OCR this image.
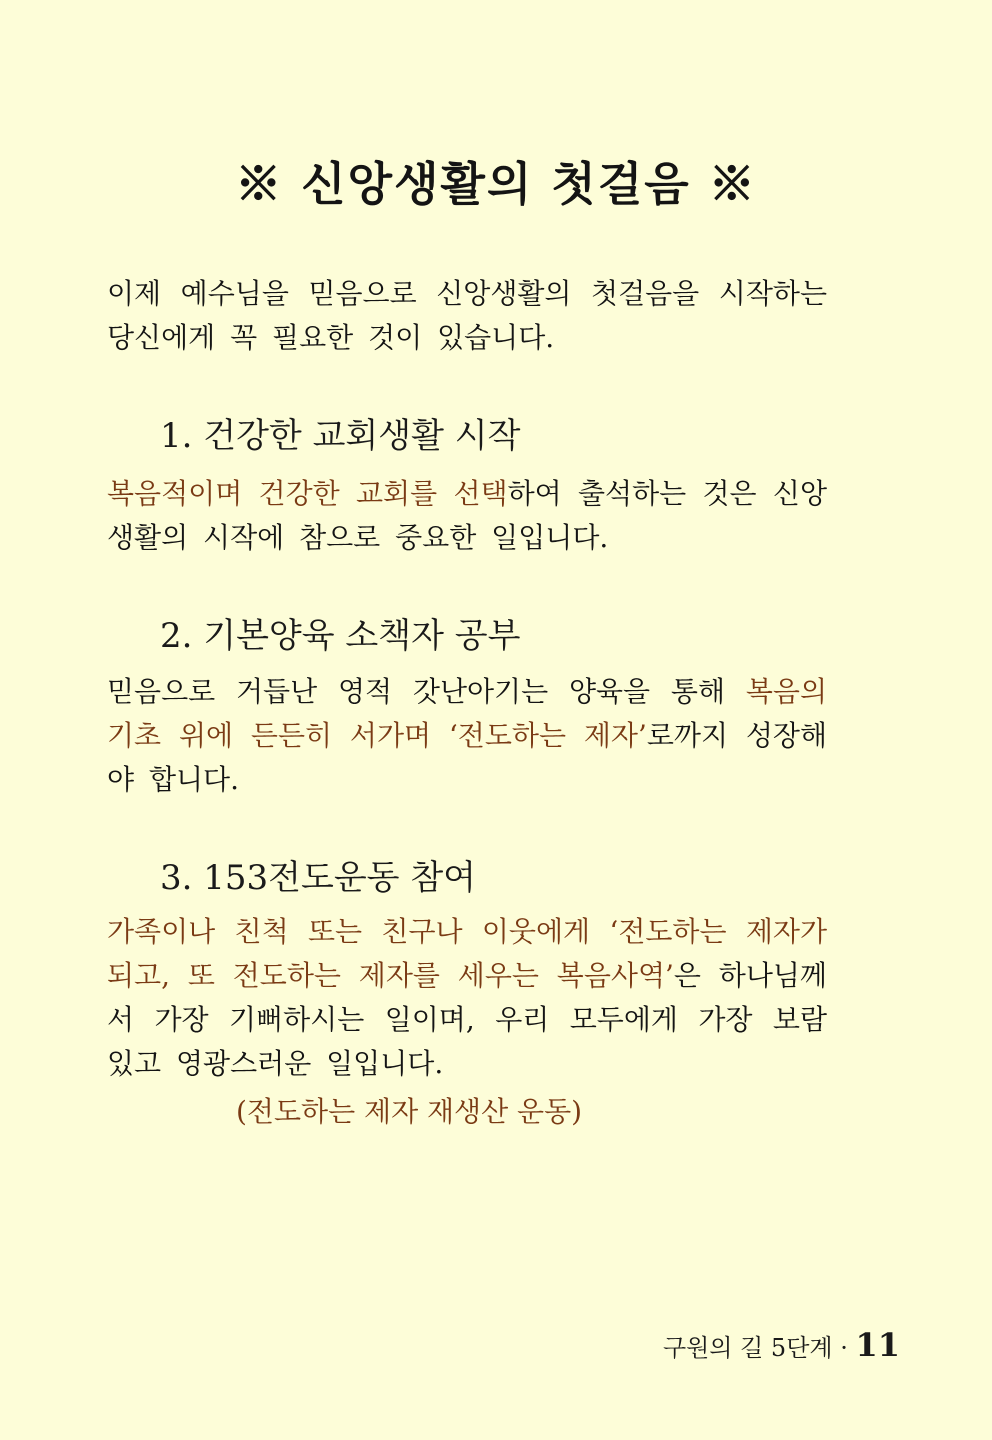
※ 신앙생활의 첫걸음 ※
이제 예수님을 믿음으로 신앙생활의 첫걸음을 시작하는 당신에게 꼭 필요한 것이 있습니다.
1. 건강한 교회생활 시작
복음적이며 건강한 교회를 선택하여 출석하는 것은 신앙생활의 시작에 참으로 중요한 일입니다.
2. 기본양육 소책자 공부
믿음으로 거듭난 영적 갓난아기는 양육을 통해 복음의 기초 위에 든든히 서가며 ‘전도하는 제자’로까지 성장해야 합니다.
3. 153전도운동 참여
가족이나 친척 또는 친구나 이웃에게 ‘전도하는 제자가 되고, 또 전도하는 제자를 세우는 복음사역’은 하나님께서 가장 기뻐하시는 일이며, 우리 모두에게 가장 보람 있고 영광스러운 일입니다.
(전도하는 제자 재생산 운동)
구원의 길 5단계 · 11
